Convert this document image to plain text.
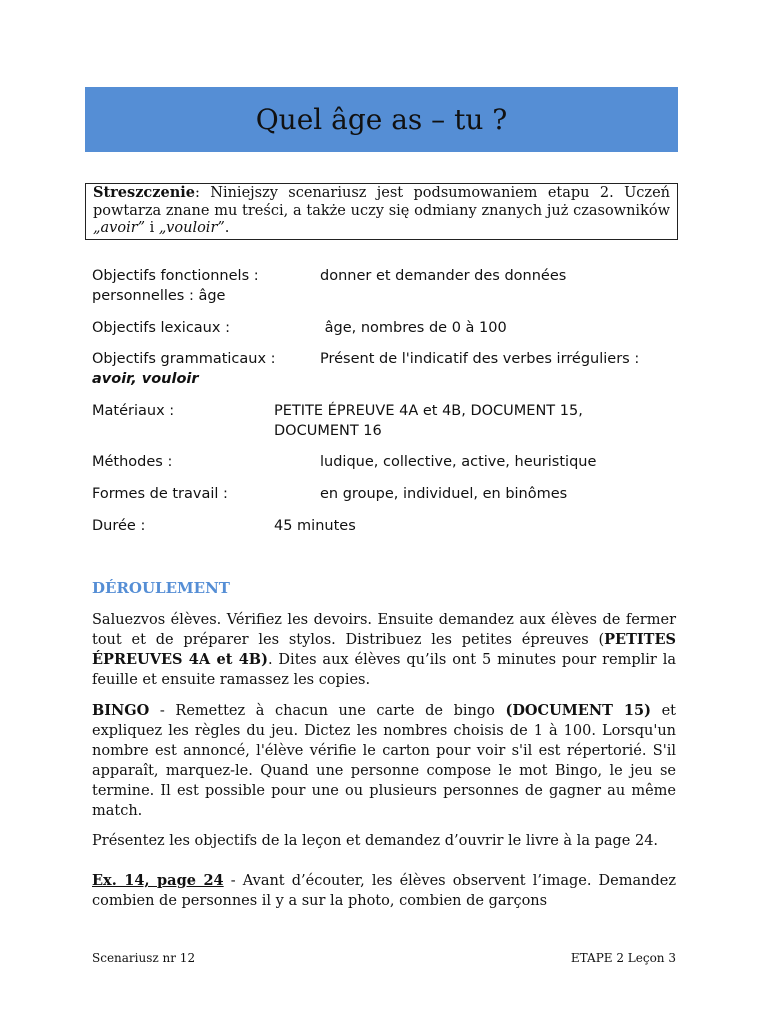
Quel âge as – tu ?
Streszczenie: Niniejszy scenariusz jest podsumowaniem etapu 2. Uczeń powtarza znane mu treści, a także uczy się odmiany znanych już czasowników „avoir” i „vouloir”.
Objectifs fonctionnels :	donner et demander des données
personnelles : âge
Objectifs lexicaux :	âge, nombres de 0 à 100
Objectifs grammaticaux :	Présent de l'indicatif des verbes irréguliers :
avoir, vouloir
Matériaux :	PETITE ÉPREUVE 4A et 4B, DOCUMENT 15,
DOCUMENT 16
Méthodes :	ludique, collective, active, heuristique
Formes de travail :	en groupe, individuel, en binômes
Durée :	45 minutes
DÉROULEMENT

Saluezvos élèves. Vérifiez les devoirs. Ensuite demandez aux élèves de fermer tout et de préparer les stylos. Distribuez les petites épreuves (PETITES ÉPREUVES 4A et 4B). Dites aux élèves qu’ils ont 5 minutes pour remplir la feuille et ensuite ramassez les copies.

BINGO - Remettez à chacun une carte de bingo (DOCUMENT 15) et expliquez les règles du jeu. Dictez les nombres choisis de 1 à 100. Lorsqu'un nombre est annoncé, l'élève vérifie le carton pour voir s'il est répertorié. S'il apparaît, marquez-le. Quand une personne compose le mot Bingo, le jeu se termine. Il est possible pour une ou plusieurs personnes de gagner au même match.

Présentez les objectifs de la leçon et demandez d’ouvrir le livre à la page 24.

Ex. 14, page 24 - Avant d’écouter, les élèves observent l’image. Demandez combien de personnes il y a sur la photo, combien de garçons

Scenariusz nr 12	ETAPE 2 Leçon 3
